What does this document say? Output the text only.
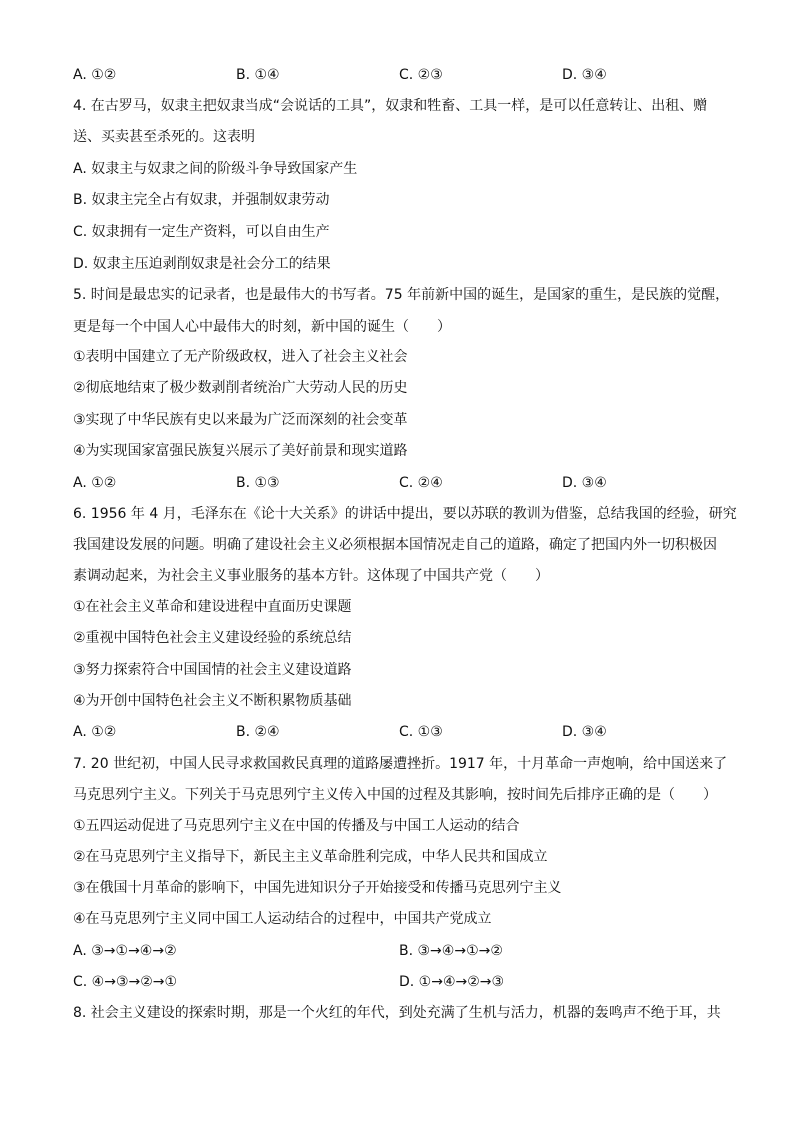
A. ①②	B. ①④	C. ②③	D. ③④
4. 在古罗马，奴隶主把奴隶当成“会说话的工具”，奴隶和牲畜、工具一样，是可以任意转让、出租、赠
送、买卖甚至杀死的。这表明
A. 奴隶主与奴隶之间的阶级斗争导致国家产生
B. 奴隶主完全占有奴隶，并强制奴隶劳动
C. 奴隶拥有一定生产资料，可以自由生产
D. 奴隶主压迫剥削奴隶是社会分工的结果
5. 时间是最忠实的记录者，也是最伟大的书写者。75 年前新中国的诞生，是国家的重生，是民族的觉醒，
更是每一个中国人心中最伟大的时刻，新中国的诞生（　　）
①表明中国建立了无产阶级政权，进入了社会主义社会
②彻底地结束了极少数剥削者统治广大劳动人民的历史
③实现了中华民族有史以来最为广泛而深刻的社会变革
④为实现国家富强民族复兴展示了美好前景和现实道路
A. ①②	B. ①③	C. ②④	D. ③④
6. 1956 年 4 月，毛泽东在《论十大关系》的讲话中提出，要以苏联的教训为借鉴，总结我国的经验，研究
我国建设发展的问题。明确了建设社会主义必须根据本国情况走自己的道路，确定了把国内外一切积极因
素调动起来，为社会主义事业服务的基本方针。这体现了中国共产党（　　）
①在社会主义革命和建设进程中直面历史课题
②重视中国特色社会主义建设经验的系统总结
③努力探索符合中国国情的社会主义建设道路
④为开创中国特色社会主义不断积累物质基础
A. ①②	B. ②④	C. ①③	D. ③④
7. 20 世纪初，中国人民寻求救国救民真理的道路屡遭挫折。1917 年，十月革命一声炮响，给中国送来了
马克思列宁主义。下列关于马克思列宁主义传入中国的过程及其影响，按时间先后排序正确的是（　　）
①五四运动促进了马克思列宁主义在中国的传播及与中国工人运动的结合
②在马克思列宁主义指导下，新民主主义革命胜利完成，中华人民共和国成立
③在俄国十月革命的影响下，中国先进知识分子开始接受和传播马克思列宁主义
④在马克思列宁主义同中国工人运动结合的过程中，中国共产党成立
A. ③→①→④→②	B. ③→④→①→②
C. ④→③→②→①	D. ①→④→②→③
8. 社会主义建设的探索时期，那是一个火红的年代，到处充满了生机与活力，机器的轰鸣声不绝于耳，共
